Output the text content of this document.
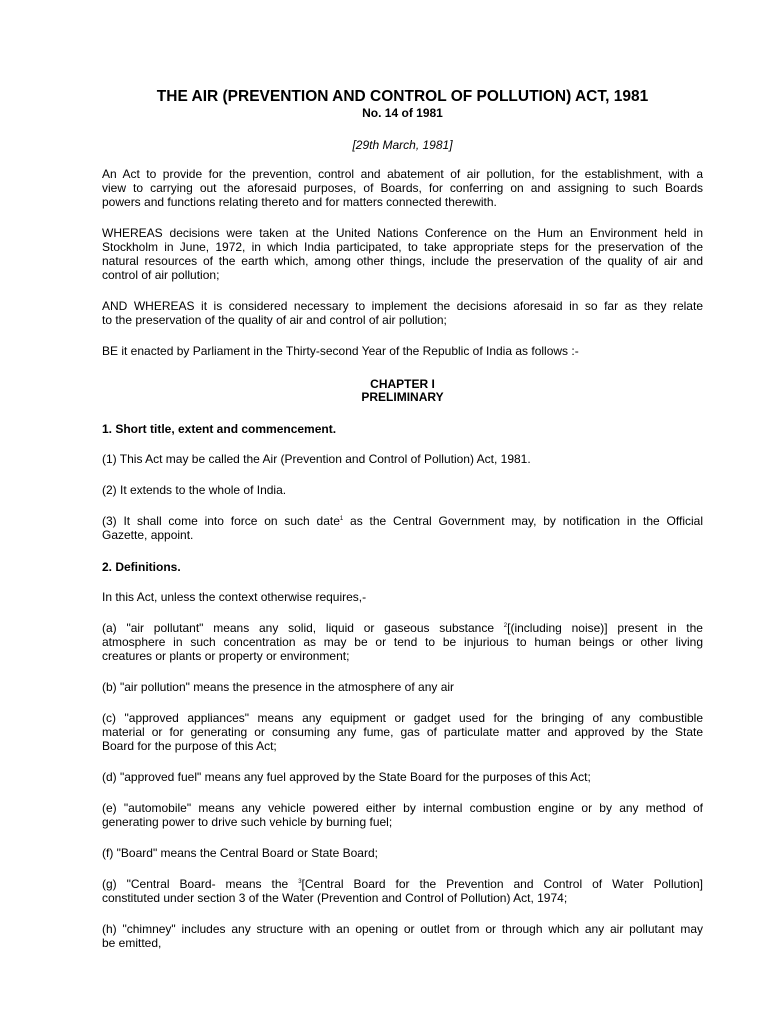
THE AIR (PREVENTION AND CONTROL OF POLLUTION) ACT, 1981
No. 14 of 1981
[29th March, 1981]
An Act to provide for the prevention, control and abatement of air pollution, for the establishment, with a
view to carrying out the aforesaid purposes, of Boards, for conferring on and assigning to such Boards
powers and functions relating thereto and for matters connected therewith.
WHEREAS decisions were taken at the United Nations Conference on the Hum an Environment held in
Stockholm in June, 1972, in which India participated, to take appropriate steps for the preservation of the
natural resources of the earth which, among other things, include the preservation of the quality of air and
control of air pollution;
AND WHEREAS it is considered necessary to implement the decisions aforesaid in so far as they relate
to the preservation of the quality of air and control of air pollution;
BE it enacted by Parliament in the Thirty-second Year of the Republic of India as follows :-
CHAPTER I
PRELIMINARY
1. Short title, extent and commencement.
(1) This Act may be called the Air (Prevention and Control of Pollution) Act, 1981.
(2) It extends to the whole of India.
(3) It shall come into force on such date$^1$ as the Central Government may, by notification in the Official
Gazette, appoint.
2. Definitions.
In this Act, unless the context otherwise requires,-
(a) "air pollutant" means any solid, liquid or gaseous substance $^2$[(including noise)] present in the
atmosphere in such concentration as may be or tend to be injurious to human beings or other living
creatures or plants or property or environment;
(b) "air pollution" means the presence in the atmosphere of any air
(c) "approved appliances" means any equipment or gadget used for the bringing of any combustible
material or for generating or consuming any fume, gas of particulate matter and approved by the State
Board for the purpose of this Act;
(d) "approved fuel" means any fuel approved by the State Board for the purposes of this Act;
(e) "automobile" means any vehicle powered either by internal combustion engine or by any method of
generating power to drive such vehicle by burning fuel;
(f) "Board" means the Central Board or State Board;
(g) "Central Board- means the $^3$[Central Board for the Prevention and Control of Water Pollution]
constituted under section 3 of the Water (Prevention and Control of Pollution) Act, 1974;
(h) "chimney" includes any structure with an opening or outlet from or through which any air pollutant may
be emitted,
